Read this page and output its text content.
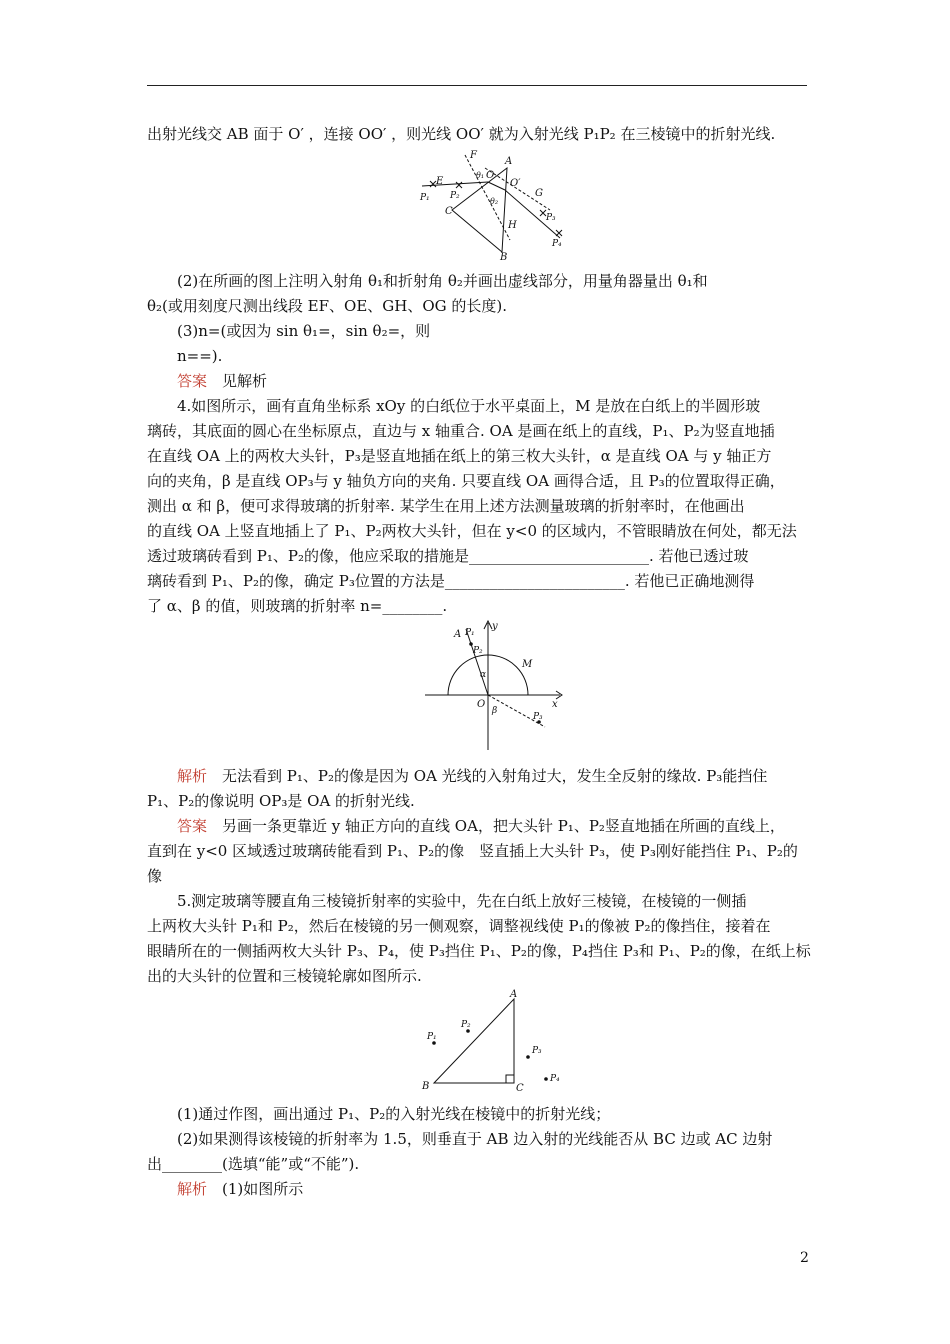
出射光线交 AB 面于 O′ ，连接 OO′ ，则光线 OO′ 就为入射光线 P₁P₂ 在三棱镜中的折射光线.
A
B
C
E
F
G
H
O
O′
P₁ P₂
P₃
P₄
θ₁
θ₂
(2)在所画的图上注明入射角 θ₁和折射角 θ₂并画出虚线部分，用量角器量出 θ₁和
θ₂(或用刻度尺测出线段 EF、OE、GH、OG 的长度).
(3)n=(或因为 sin θ₁=，sin θ₂=，则
n==).
答案　 见解析
4.如图所示，画有直角坐标系 xOy 的白纸位于水平桌面上，M 是放在白纸上的半圆形玻
璃砖，其底面的圆心在坐标原点，直边与 x 轴重合. OA 是画在纸上的直线，P₁、P₂为竖直地插
在直线 OA 上的两枚大头针，P₃是竖直地插在纸上的第三枚大头针，α 是直线 OA 与 y 轴正方
向的夹角，β 是直线 OP₃与 y 轴负方向的夹角. 只要直线 OA 画得合适，且 P₃的位置取得正确，
测出 α 和 β，便可求得玻璃的折射率. 某学生在用上述方法测量玻璃的折射率时，在他画出
的直线 OA 上竖直地插上了 P₁、P₂两枚大头针，但在 y<0 的区域内，不管眼睛放在何处，都无法
透过玻璃砖看到 P₁、P₂的像，他应采取的措施是________________________. 若他已透过玻
璃砖看到 P₁、P₂的像，确定 P₃位置的方法是________________________. 若他已正确地测得
了 α、β 的值，则玻璃的折射率 n=________.
y
x
A
O
M
P₁
P₂
P₃
α
β
解析　 无法看到 P₁、P₂的像是因为 OA 光线的入射角过大，发生全反射的缘故. P₃能挡住
P₁、P₂的像说明 OP₃是 OA 的折射光线.
答案　 另画一条更靠近 y 轴正方向的直线 OA，把大头针 P₁、P₂竖直地插在所画的直线上，
直到在 y<0 区域透过玻璃砖能看到 P₁、P₂的像　竖直插上大头针 P₃，使 P₃刚好能挡住 P₁、P₂的
像
5.测定玻璃等腰直角三棱镜折射率的实验中，先在白纸上放好三棱镜，在棱镜的一侧插
上两枚大头针 P₁和 P₂，然后在棱镜的另一侧观察，调整视线使 P₁的像被 P₂的像挡住，接着在
眼睛所在的一侧插两枚大头针 P₃、P₄，使 P₃挡住 P₁、P₂的像，P₄挡住 P₃和 P₁、P₂的像，在纸上标
出的大头针的位置和三棱镜轮廓如图所示.
A
B	C
P₁
P₂
P₃
P₄
(1)通过作图，画出通过 P₁、P₂的入射光线在棱镜中的折射光线；
(2)如果测得该棱镜的折射率为 1.5，则垂直于 AB 边入射的光线能否从 BC 边或 AC 边射
出________(选填“能”或“不能”).
解析　 (1)如图所示
2
